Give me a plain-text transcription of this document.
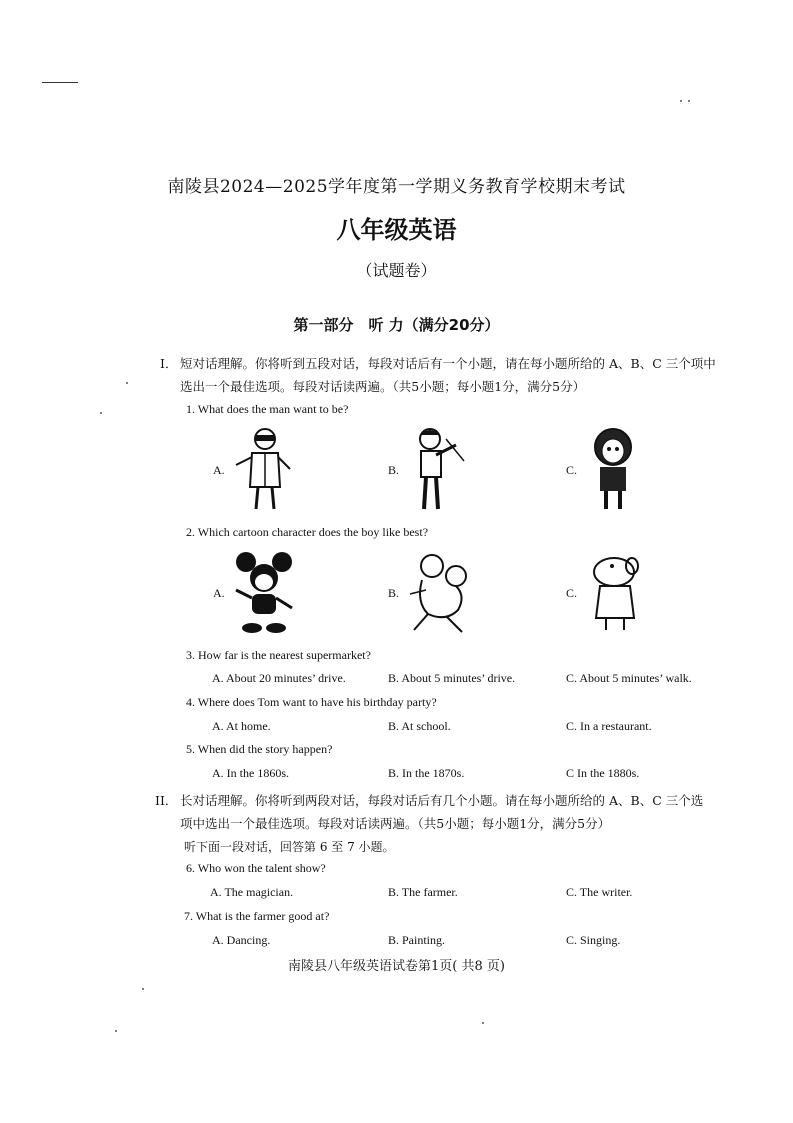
南陵县2024—2025学年度第一学期义务教育学校期末考试
八年级英语
（试题卷）
第一部分　听 力（满分20分）
I． 短对话理解。你将听到五段对话，每段对话后有一个小题，请在每小题所给的 A、B、C 三个项中
选出一个最佳选项。每段对话读两遍。（共5小题；每小题1分，满分5分）
1. What does the man want to be?
A.	B.	C.
2. Which cartoon character does the boy like best?
A.	B.	C.
3. How far is the nearest supermarket?
A. About 20 minutes’ drive.	B. About 5 minutes’ drive.	C. About 5 minutes’ walk.
4. Where does Tom want to have his birthday party?
A. At home.	B. At school.	C. In a restaurant.
5. When did the story happen?
A. In the 1860s.	B. In the 1870s.	C In the 1880s.
II． 长对话理解。你将听到两段对话，每段对话后有几个小题。请在每小题所给的 A、B、C 三个选
项中选出一个最佳选项。每段对话读两遍。（共5小题；每小题1分，满分5分）
听下面一段对话，回答第 6 至 7 小题。
6. Who won the talent show?
A. The magician.	B. The farmer.	C. The writer.
7. What is the farmer good at?
A. Dancing.	B. Painting.	C. Singing.
南陵县八年级英语试卷第1页( 共8 页)
